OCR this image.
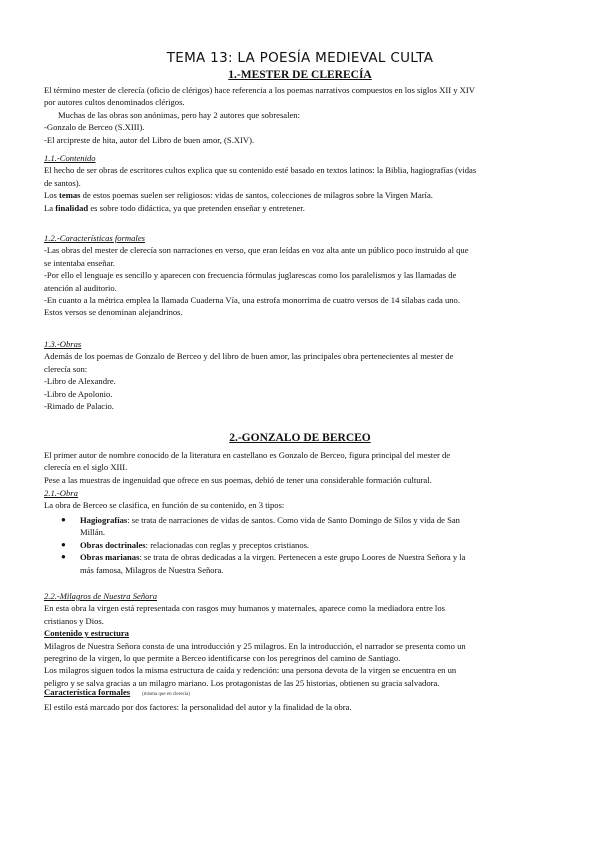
TEMA 13: LA POESÍA MEDIEVAL CULTA
1.-MESTER DE CLERECÍA
El término mester de clerecía (oficio de clérigos) hace referencia a los poemas narrativos compuestos en los siglos XII y XIV
por autores cultos denominados clérigos.
Muchas de las obras son anónimas, pero hay 2 autores que sobresalen:
-Gonzalo de Berceo (S.XIII).
-El arcipreste de hita, autor del Libro de buen amor, (S.XIV).
1.1.-Contenido
El hecho de ser obras de escritores cultos explica que su contenido esté basado en textos latinos: la Biblia, hagiografías (vidas
de santos).
Los temas de estos poemas suelen ser religiosos: vidas de santos, colecciones de milagros sobre la Virgen María.
La finalidad es sobre todo didáctica, ya que pretenden enseñar y entretener.
1.2.-Características formales
-Las obras del mester de clerecía son narraciones en verso, que eran leídas en voz alta ante un público poco instruido al que
se intentaba enseñar.
-Por ello el lenguaje es sencillo y aparecen con frecuencia fórmulas juglarescas como los paralelismos y las llamadas de
atención al auditorio.
-En cuanto a la métrica emplea la llamada Cuaderna Vía, una estrofa monorrima de cuatro versos de 14 sílabas cada uno.
Estos versos se denominan alejandrinos.
1.3.-Obras
Además de los poemas de Gonzalo de Berceo y del libro de buen amor, las principales obra pertenecientes al mester de
clerecía son:
-Libro de Alexandre.
-Libro de Apolonio.
-Rimado de Palacio.
2.-GONZALO DE BERCEO
El primer autor de nombre conocido de la literatura en castellano es Gonzalo de Berceo, figura principal del mester de
clerecía en el siglo XIII.
Pese a las muestras de ingenuidad que ofrece en sus poemas, debió de tener una considerable formación cultural.
2.1.-Obra
La obra de Berceo se clasifica, en función de su contenido, en 3 tipos:
● Hagiografías: se trata de narraciones de vidas de santos. Como vida de Santo Domingo de Silos y vida de San
Millán.
● Obras doctrinales: relacionadas con reglas y preceptos cristianos.
● Obras marianas: se trata de obras dedicadas a la virgen. Pertenecen a este grupo Loores de Nuestra Señora y la
más famosa, Milagros de Nuestra Señora.
2.2.-Milagros de Nuestra Señora
En esta obra la virgen está representada con rasgos muy humanos y maternales, aparece como la mediadora entre los
cristianos y Dios.
Contenido y estructura
Milagros de Nuestra Señora consta de una introducción y 25 milagros. En la introducción, el narrador se presenta como un
peregrino de la virgen, lo que permite a Berceo identificarse con los peregrinos del camino de Santiago.
Los milagros siguen todos la misma estructura de caída y redención: una persona devota de la virgen se encuentra en un
peligro y se salva gracias a un milagro mariano. Los protagonistas de las 25 historias, obtienen su gracia salvadora.
Característica formales (misma que en clerecía)
El estilo está marcado por dos factores: la personalidad del autor y la finalidad de la obra.
